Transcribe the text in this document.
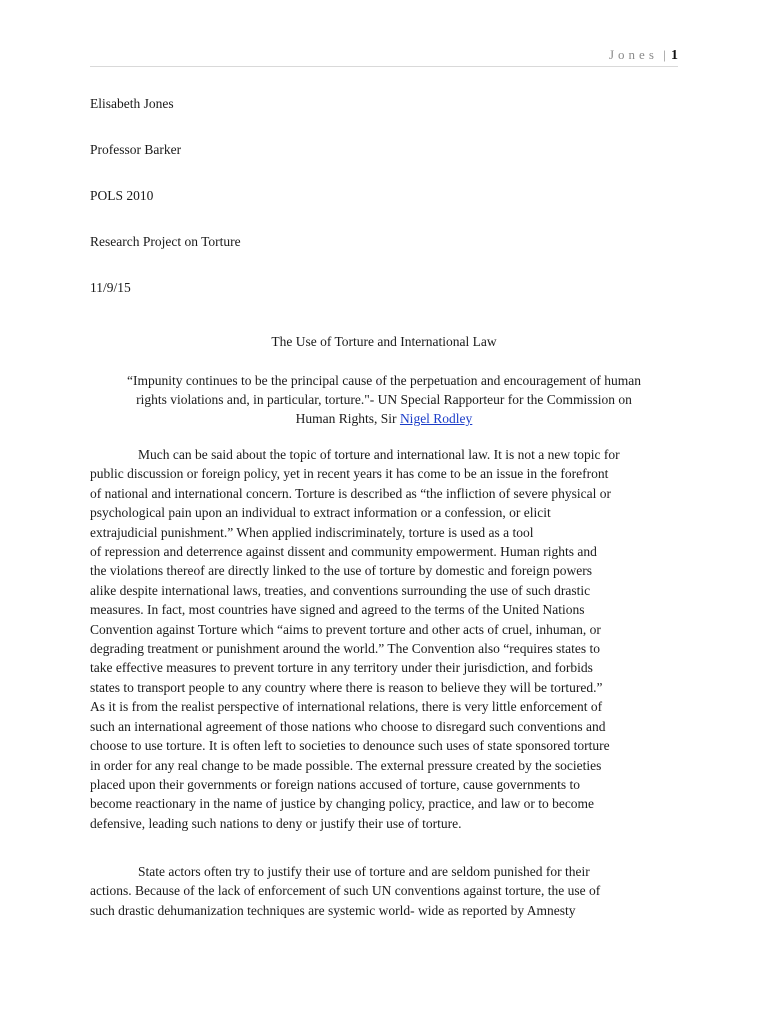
Jones | 1
Elisabeth Jones
Professor Barker
POLS 2010
Research Project on Torture
11/9/15
The Use of Torture and International Law
“Impunity continues to be the principal cause of the perpetuation and encouragement of human
rights violations and, in particular, torture."- UN Special Rapporteur for the Commission on
Human Rights, Sir Nigel Rodley
Much can be said about the topic of torture and international law. It is not a new topic for
public discussion or foreign policy, yet in recent years it has come to be an issue in the forefront
of national and international concern. Torture is described as “the infliction of severe physical or
psychological pain upon an individual to extract information or a confession, or elicit
extrajudicial punishment.” When applied indiscriminately, torture is used as a tool
of repression and deterrence against dissent and community empowerment. Human rights and
the violations thereof are directly linked to the use of torture by domestic and foreign powers
alike despite international laws, treaties, and conventions surrounding the use of such drastic
measures. In fact, most countries have signed and agreed to the terms of the United Nations
Convention against Torture which “aims to prevent torture and other acts of cruel, inhuman, or
degrading treatment or punishment around the world.” The Convention also “requires states to
take effective measures to prevent torture in any territory under their jurisdiction, and forbids
states to transport people to any country where there is reason to believe they will be tortured.”
As it is from the realist perspective of international relations, there is very little enforcement of
such an international agreement of those nations who choose to disregard such conventions and
choose to use torture. It is often left to societies to denounce such uses of state sponsored torture
in order for any real change to be made possible. The external pressure created by the societies
placed upon their governments or foreign nations accused of torture, cause governments to
become reactionary in the name of justice by changing policy, practice, and law or to become
defensive, leading such nations to deny or justify their use of torture.
State actors often try to justify their use of torture and are seldom punished for their
actions. Because of the lack of enforcement of such UN conventions against torture, the use of
such drastic dehumanization techniques are systemic world- wide as reported by Amnesty
